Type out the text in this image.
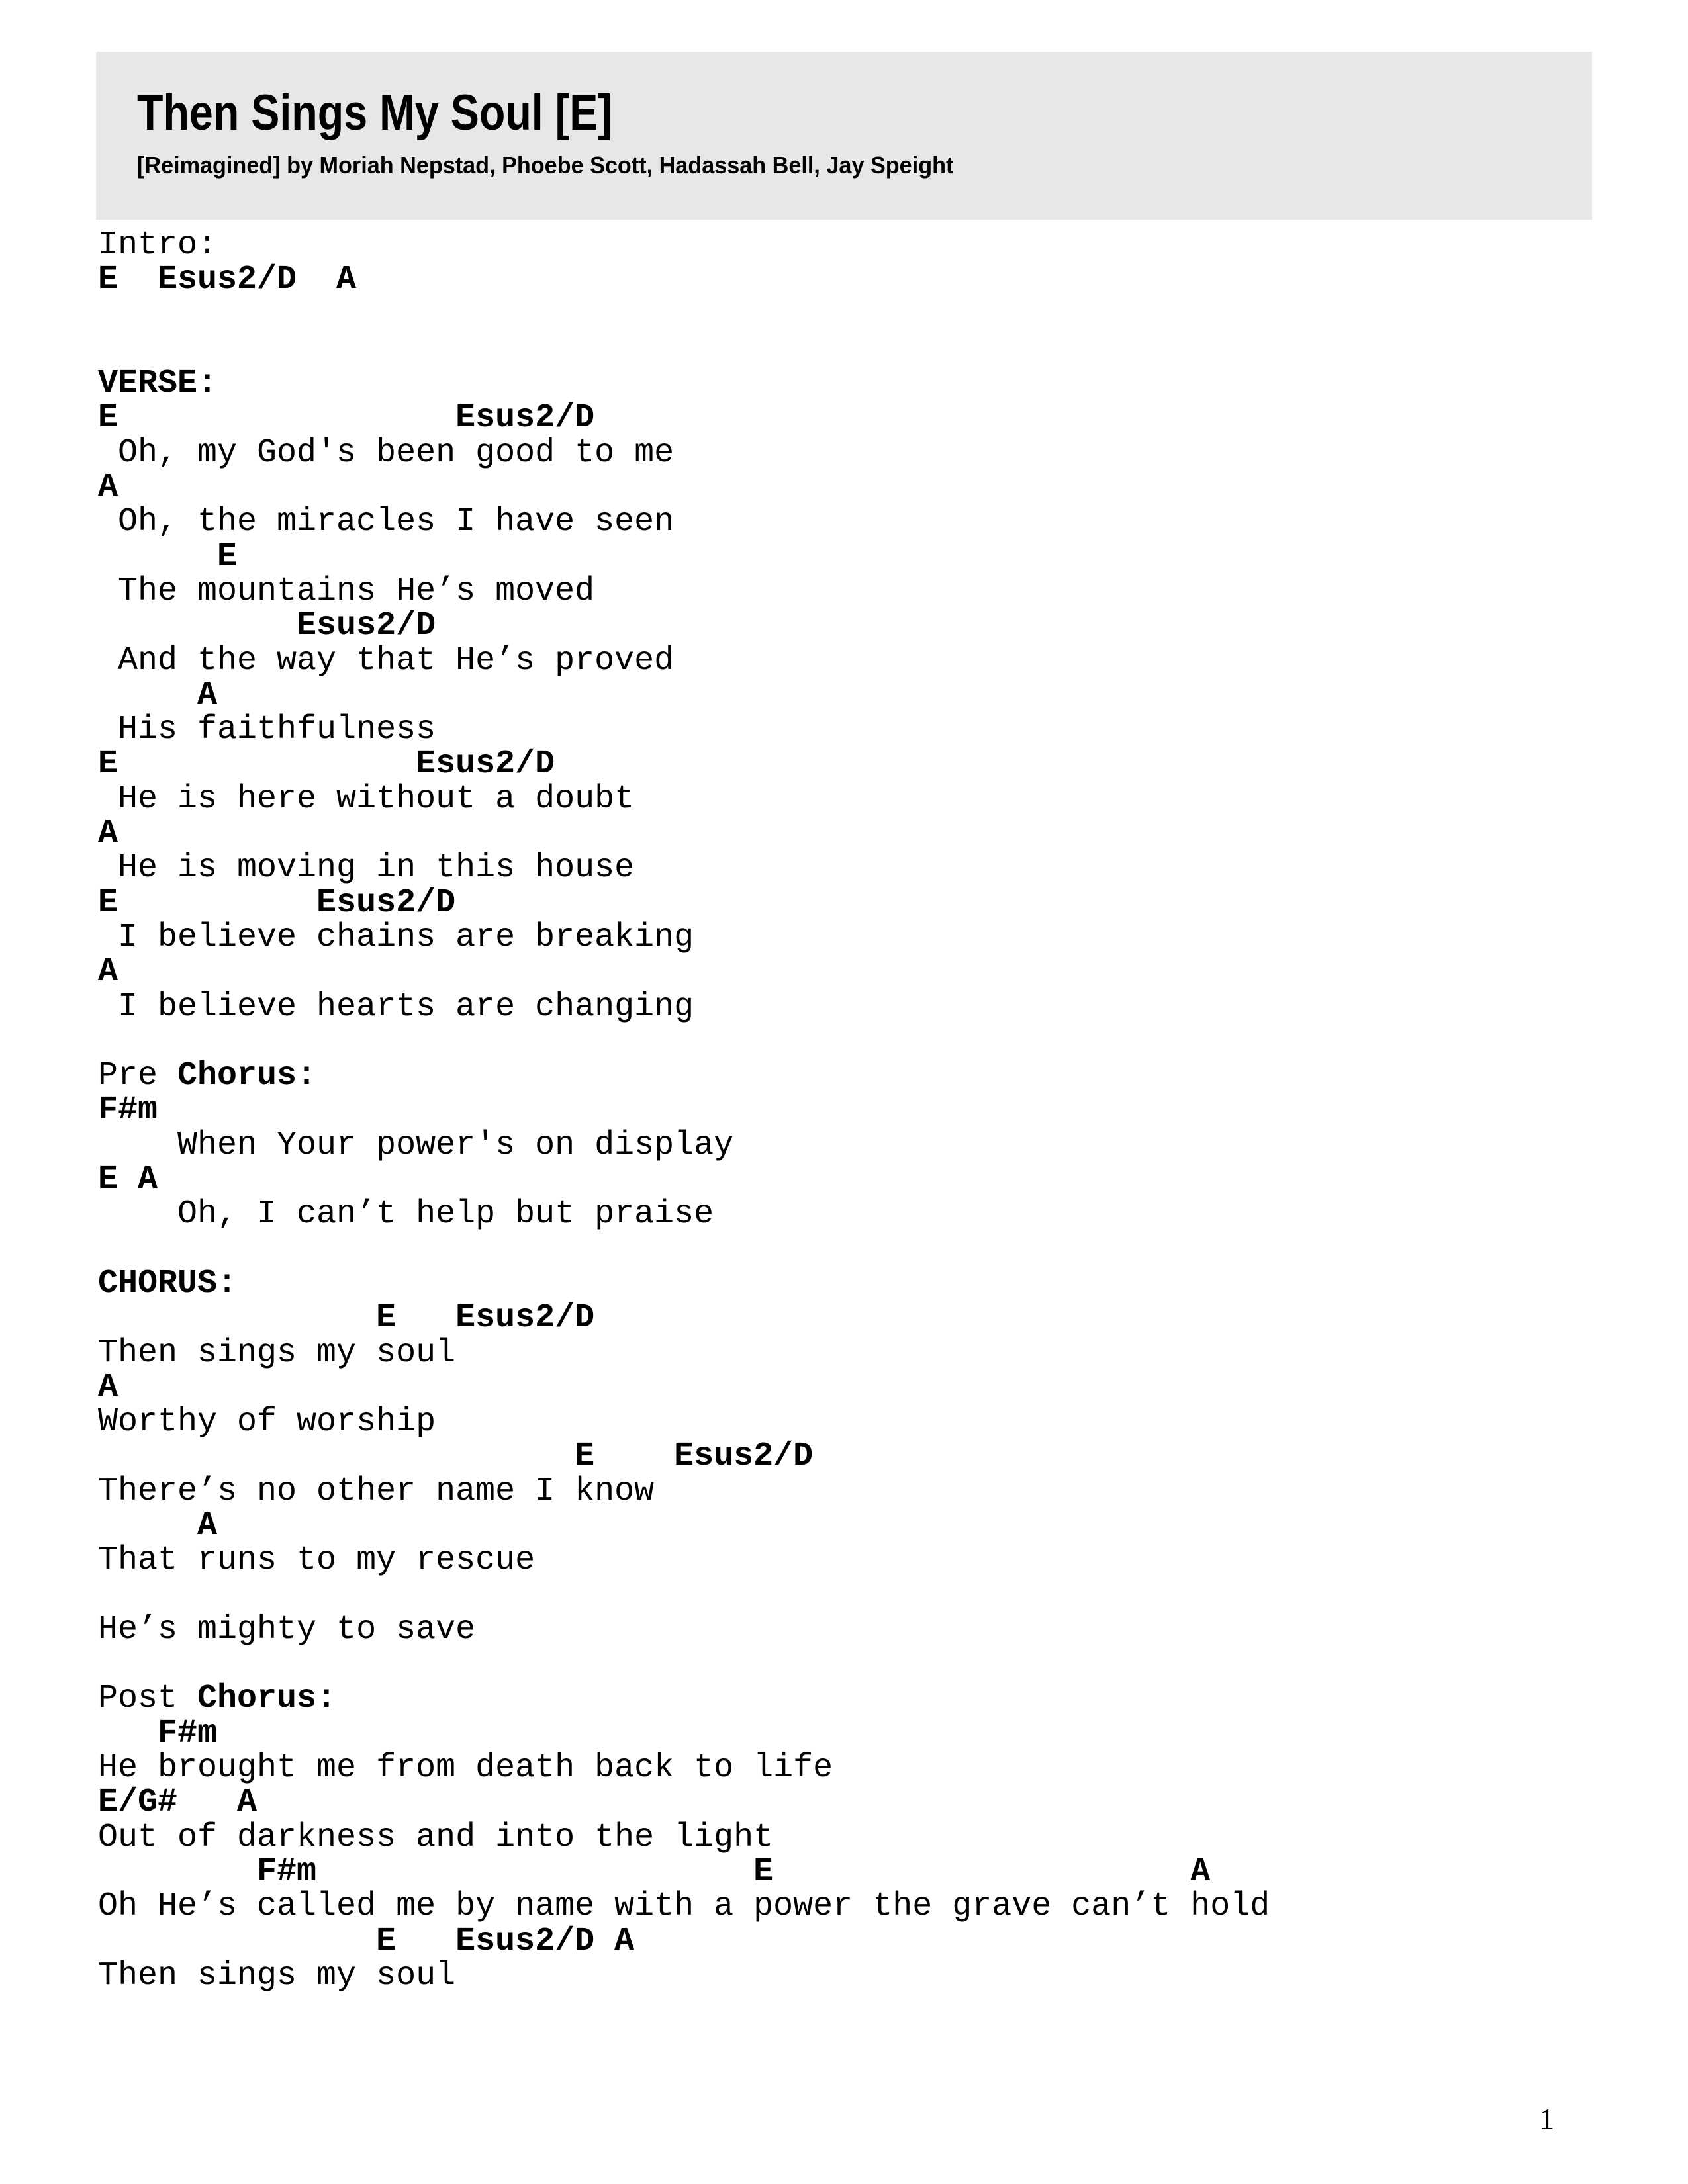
Then Sings My Soul [E]
[Reimagined] by Moriah Nepstad, Phoebe Scott, Hadassah Bell, Jay Speight
Intro:
E  Esus2/D  A
VERSE:
E                 Esus2/D
Oh, my God's been good to me
A
Oh, the miracles I have seen
E
The mountains He’s moved
Esus2/D
And the way that He’s proved
A
His faithfulness
E               Esus2/D
He is here without a doubt
A
He is moving in this house
E          Esus2/D
I believe chains are breaking
A
I believe hearts are changing
Pre Chorus:
F#m
When Your power's on display
E A
Oh, I can’t help but praise
CHORUS:
E   Esus2/D
Then sings my soul
A
Worthy of worship
E    Esus2/D
There’s no other name I know
A
That runs to my rescue
He’s mighty to save
Post Chorus:
F#m
He brought me from death back to life
E/G#   A
Out of darkness and into the light
F#m                      E                     A
Oh He’s called me by name with a power the grave can’t hold
E   Esus2/D A
Then sings my soul
1
